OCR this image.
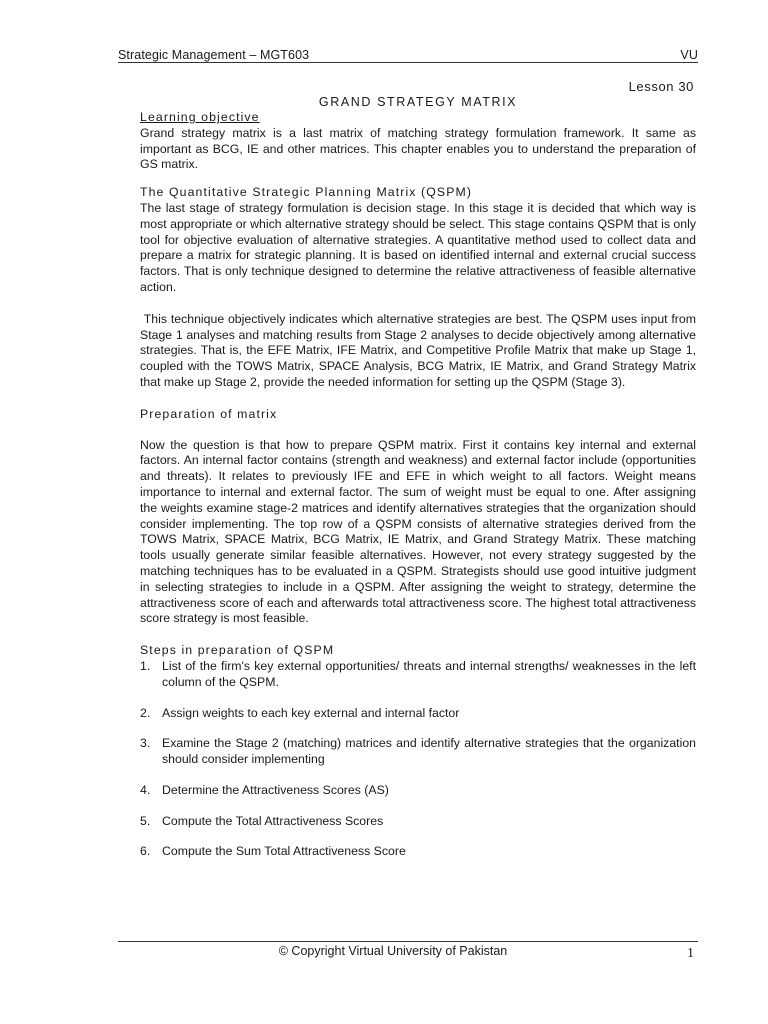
Strategic Management – MGT603	VU
Lesson 30
GRAND STRATEGY MATRIX
Learning objective

Grand strategy matrix is a last matrix of matching strategy formulation framework. It same as important as BCG, IE and other matrices. This chapter enables you to understand the preparation of GS matrix.

The Quantitative Strategic Planning Matrix (QSPM)

The last stage of strategy formulation is decision stage. In this stage it is decided that which way is most appropriate or which alternative strategy should be select. This stage contains QSPM that is only tool for objective evaluation of alternative strategies. A quantitative method used to collect data and prepare a matrix for strategic planning. It is based on identified internal and external crucial success factors. That is only technique designed to determine the relative attractiveness of feasible alternative action.

This technique objectively indicates which alternative strategies are best. The QSPM uses input from Stage 1 analyses and matching results from Stage 2 analyses to decide objectively among alternative strategies. That is, the EFE Matrix, IFE Matrix, and Competitive Profile Matrix that make up Stage 1, coupled with the TOWS Matrix, SPACE Analysis, BCG Matrix, IE Matrix, and Grand Strategy Matrix that make up Stage 2, provide the needed information for setting up the QSPM (Stage 3).

Preparation of matrix

Now the question is that how to prepare QSPM matrix. First it contains key internal and external factors. An internal factor contains (strength and weakness) and external factor include (opportunities and threats). It relates to previously IFE and EFE in which weight to all factors. Weight means importance to internal and external factor. The sum of weight must be equal to one. After assigning the weights examine stage-2 matrices and identify alternatives strategies that the organization should consider implementing. The top row of a QSPM consists of alternative strategies derived from the TOWS Matrix, SPACE Matrix, BCG Matrix, IE Matrix, and Grand Strategy Matrix. These matching tools usually generate similar feasible alternatives. However, not every strategy suggested by the matching techniques has to be evaluated in a QSPM. Strategists should use good intuitive judgment in selecting strategies to include in a QSPM. After assigning the weight to strategy, determine the attractiveness score of each and afterwards total attractiveness score. The highest total attractiveness score strategy is most feasible.

Steps in preparation of QSPM
1. List of the firm's key external opportunities/ threats and internal strengths/ weaknesses in the left column of the QSPM.
2. Assign weights to each key external and internal factor
3. Examine the Stage 2 (matching) matrices and identify alternative strategies that the organization should consider implementing
4. Determine the Attractiveness Scores (AS)
5. Compute the Total Attractiveness Scores
6. Compute the Sum Total Attractiveness Score
© Copyright Virtual University of Pakistan	1
